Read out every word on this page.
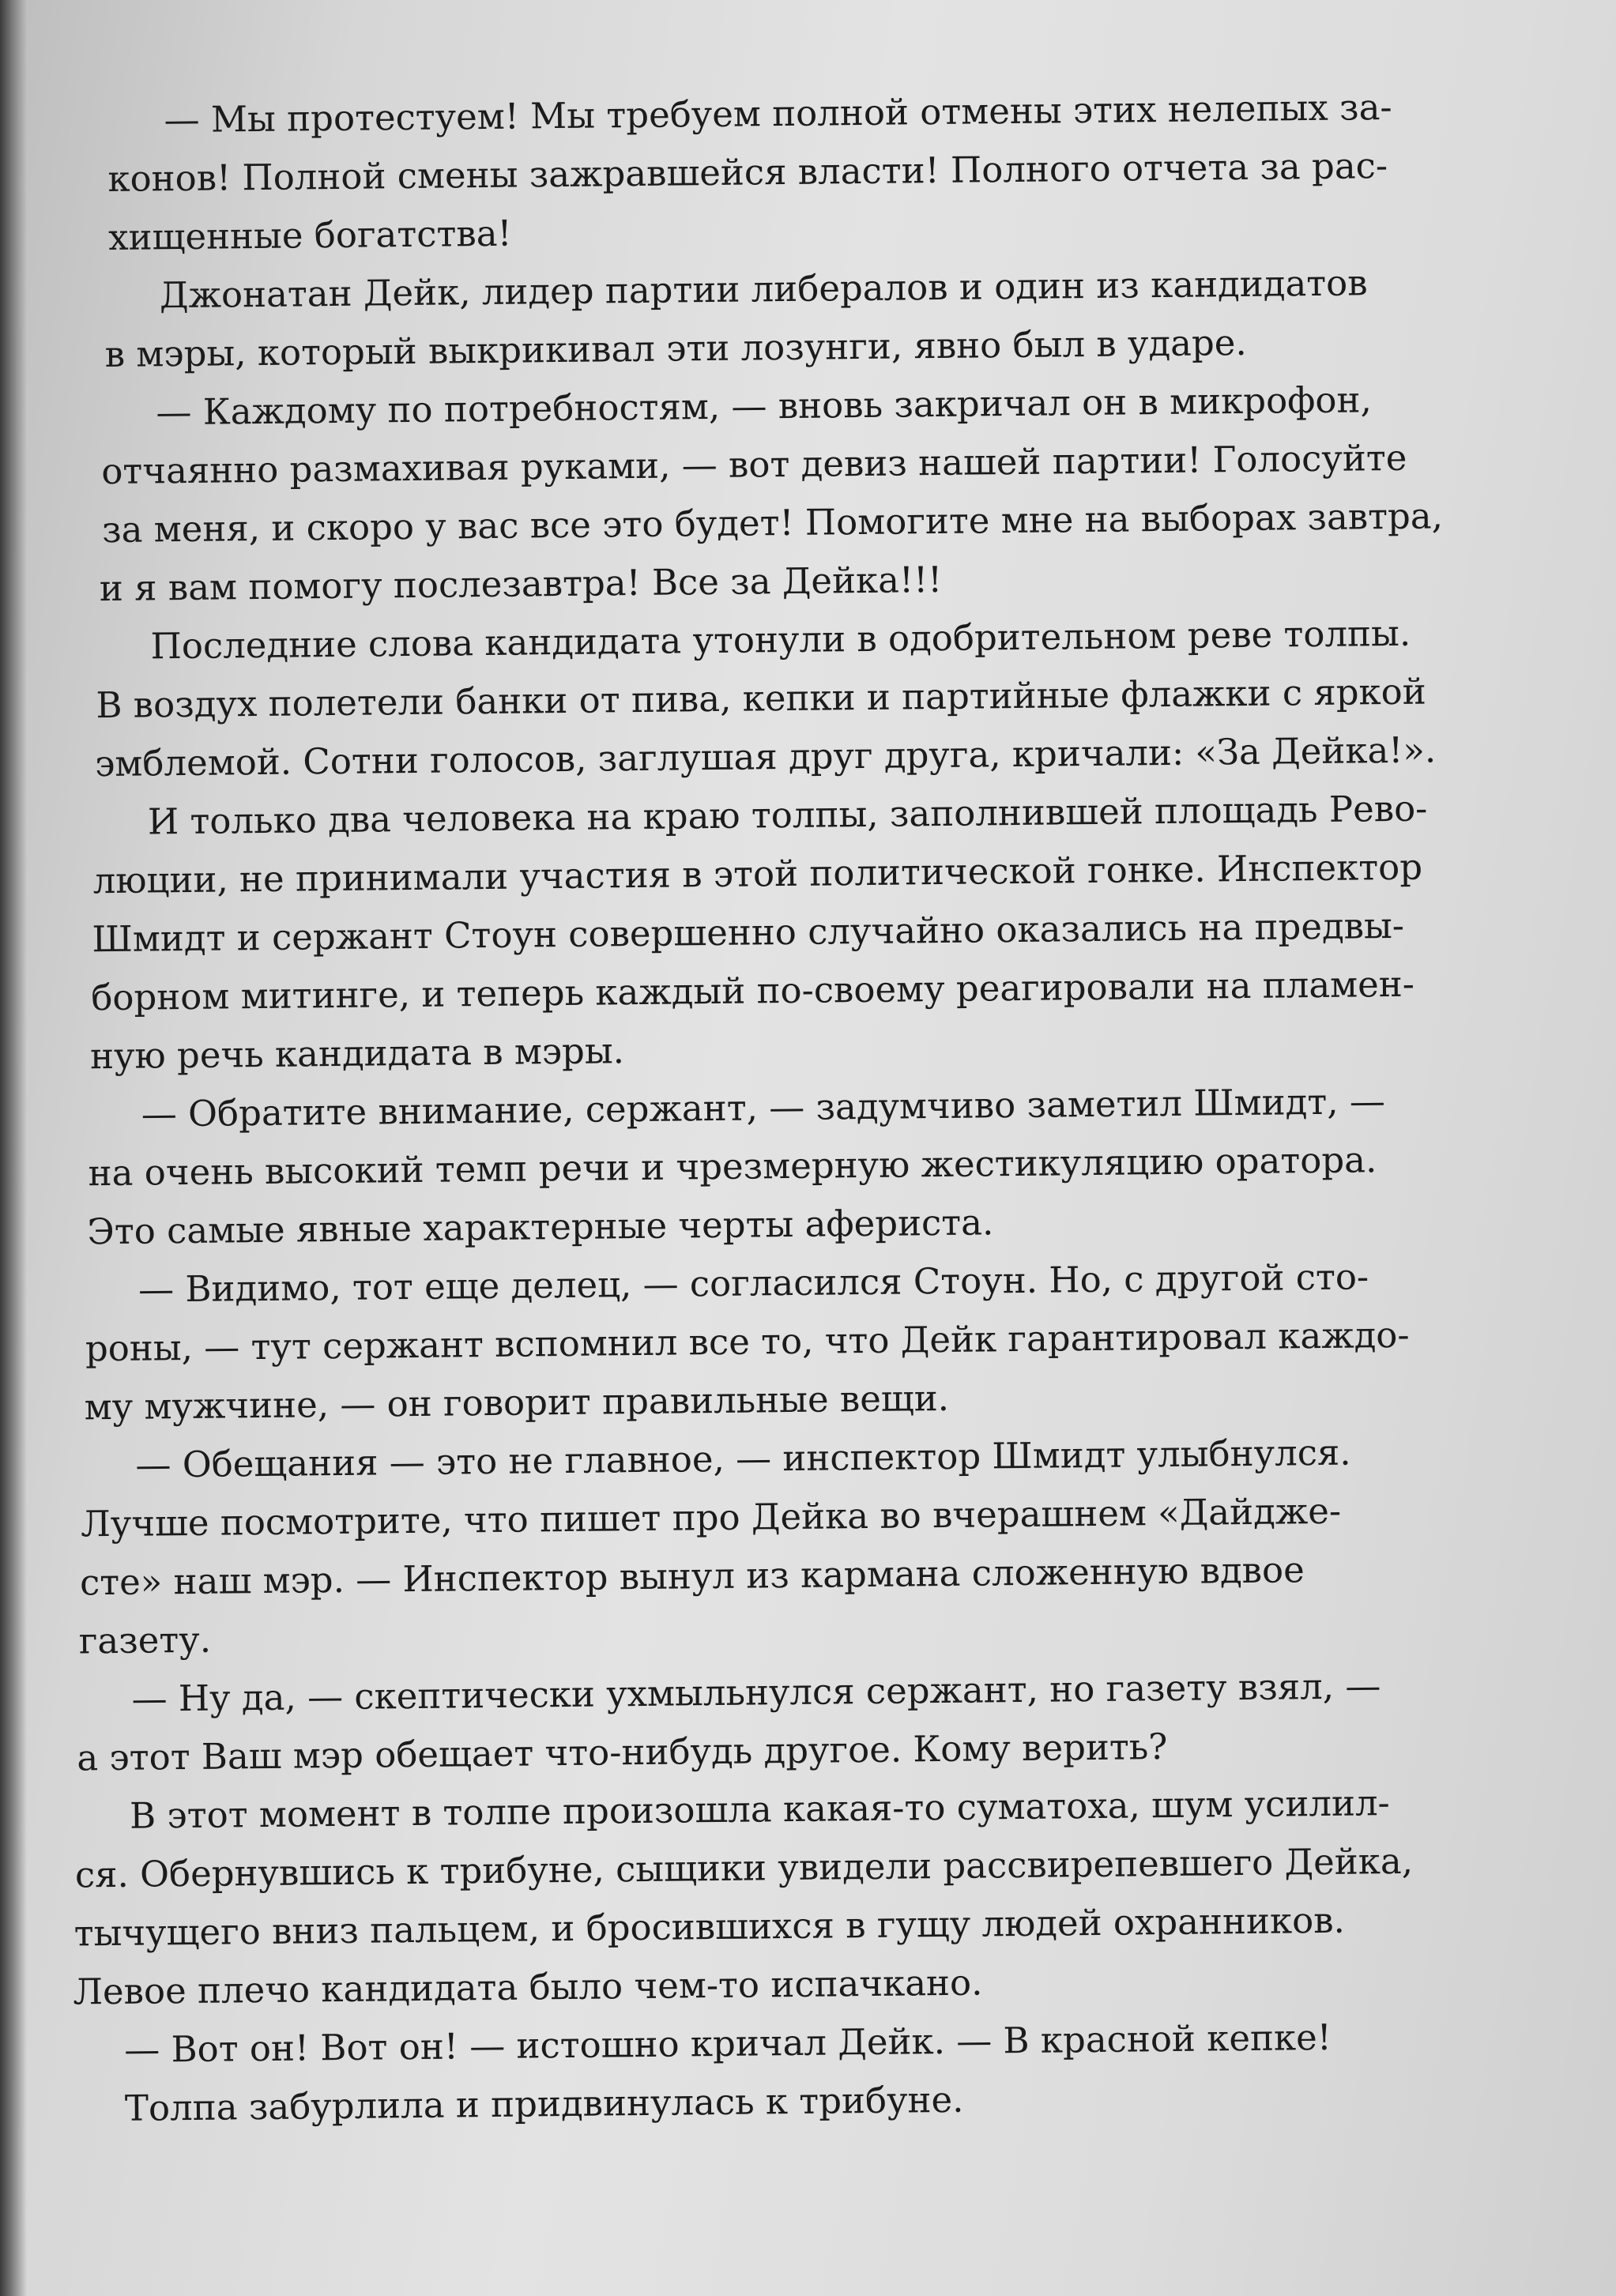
— Мы протестуем! Мы требуем полной отмены этих нелепых за-
конов! Полной смены зажравшейся власти! Полного отчета за рас-
хищенные богатства!
Джонатан Дейк, лидер партии либералов и один из кандидатов
в мэры, который выкрикивал эти лозунги, явно был в ударе.
— Каждому по потребностям, — вновь закричал он в микрофон,
отчаянно размахивая руками, — вот девиз нашей партии! Голосуйте
за меня, и скоро у вас все это будет! Помогите мне на выборах завтра,
и я вам помогу послезавтра! Все за Дейка!!!
Последние слова кандидата утонули в одобрительном реве толпы.
В воздух полетели банки от пива, кепки и партийные флажки с яркой
эмблемой. Сотни голосов, заглушая друг друга, кричали: «За Дейка!».
И только два человека на краю толпы, заполнившей площадь Рево-
люции, не принимали участия в этой политической гонке. Инспектор
Шмидт и сержант Стоун совершенно случайно оказались на предвы-
борном митинге, и теперь каждый по-своему реагировали на пламен-
ную речь кандидата в мэры.
— Обратите внимание, сержант, — задумчиво заметил Шмидт, —
на очень высокий темп речи и чрезмерную жестикуляцию оратора.
Это самые явные характерные черты афериста.
— Видимо, тот еще делец, — согласился Стоун. Но, с другой сто-
роны, — тут сержант вспомнил все то, что Дейк гарантировал каждо-
му мужчине, — он говорит правильные вещи.
— Обещания — это не главное, — инспектор Шмидт улыбнулся.
Лучше посмотрите, что пишет про Дейка во вчерашнем «Дайдже-
сте» наш мэр. — Инспектор вынул из кармана сложенную вдвое
газету.
— Ну да, — скептически ухмыльнулся сержант, но газету взял, —
а этот Ваш мэр обещает что-нибудь другое. Кому верить?
В этот момент в толпе произошла какая-то суматоха, шум усилил-
ся. Обернувшись к трибуне, сыщики увидели рассвирепевшего Дейка,
тычущего вниз пальцем, и бросившихся в гущу людей охранников.
Левое плечо кандидата было чем-то испачкано.
— Вот он! Вот он! — истошно кричал Дейк. — В красной кепке!
Толпа забурлила и придвинулась к трибуне.
